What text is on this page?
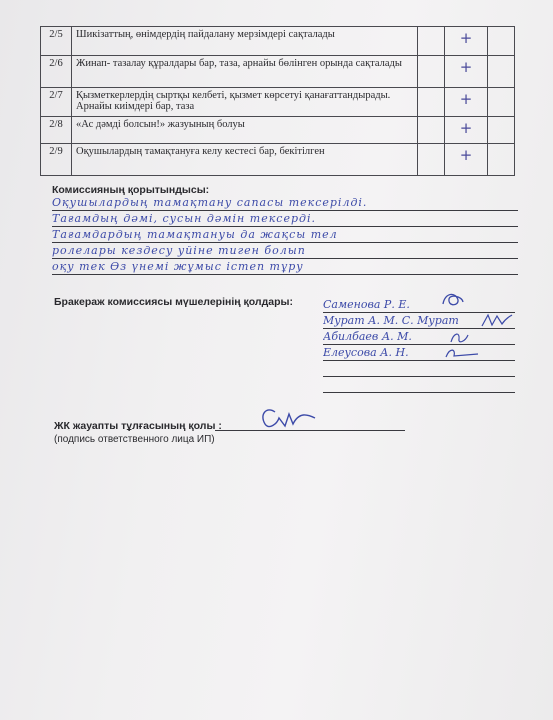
2/5	Шикізаттың, өнімдердің пайдалану мерзімдері сақталады		+	
2/6	Жинап- тазалау құралдары бар, таза, арнайы бөлінген орында сақталады		+	
2/7	Қызметкерлердің сыртқы келбеті, қызмет көрсетуі қанағаттандырады. Арнайы киімдері бар, таза		+	
2/8	«Ас дәмді болсын!» жазуының болуы		+	
2/9	Оқушылардың тамақтануға келу кестесі бар, бекітілген		+	
Комиссияның қорытындысы:
Оқушылардың тамақтану сапасы тексерілді.
Тағамдың дәмі, сусын дәмін тексерді.
Тағамдардың тамақтануы да жақсы тел
ролелары кездесу уйіне тиген болып
оқу тек Өз үнемі жұмыс істеп тұру
Бракераж комиссиясы мүшелерінің қолдары:	Саменова Р. Е.
Мурат А. М. С. Мурат
Абилбаев А. М.
Елеусова А. Н.
ЖК жауапты тұлғасының қолы :
(подпись ответственного лица ИП)
